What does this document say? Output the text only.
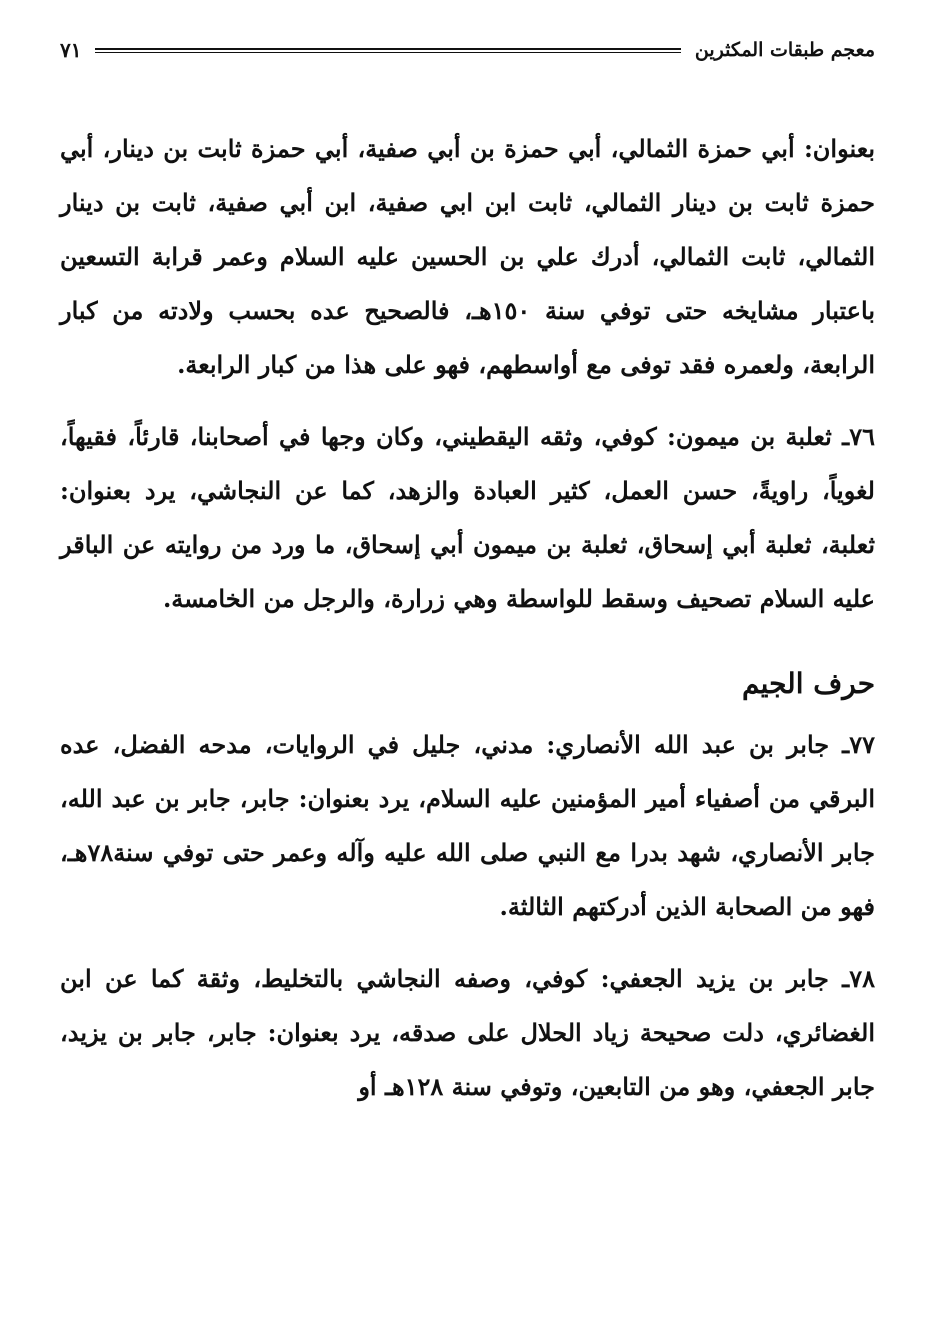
معجم طبقات المكثرين
٧١

بعنوان: أبي حمزة الثمالي، أبي حمزة بن أبي صفية، أبي حمزة ثابت بن دينار، أبي حمزة ثابت بن دينار الثمالي، ثابت ابن ابي صفية، ابن أبي صفية، ثابت بن دينار الثمالي، ثابت الثمالي، أدرك علي بن الحسين عليه السلام وعمر قرابة التسعين باعتبار مشايخه حتى توفي سنة ١٥٠هـ، فالصحيح عده بحسب ولادته من كبار الرابعة، ولعمره فقد توفى مع أواسطهم، فهو على هذا من كبار الرابعة.

٧٦ـ ثعلبة بن ميمون: كوفي، وثقه اليقطيني، وكان وجها في أصحابنا، قارئاً، فقيهاً، لغوياً، راويةً، حسن العمل، كثير العبادة والزهد، كما عن النجاشي، يرد بعنوان: ثعلبة، ثعلبة أبي إسحاق، ثعلبة بن ميمون أبي إسحاق، ما ورد من روايته عن الباقر عليه السلام تصحيف وسقط للواسطة وهي زرارة، والرجل من الخامسة.

حرف الجيم

٧٧ـ جابر بن عبد الله الأنصاري: مدني، جليل في الروايات، مدحه الفضل، عده البرقي من أصفياء أمير المؤمنين عليه السلام، يرد بعنوان: جابر، جابر بن عبد الله، جابر الأنصاري، شهد بدرا مع النبي صلى الله عليه وآله وعمر حتى توفي سنة٧٨هـ، فهو من الصحابة الذين أدركتهم الثالثة.

٧٨ـ جابر بن يزيد الجعفي: كوفي، وصفه النجاشي بالتخليط، وثقة كما عن ابن الغضائري، دلت صحيحة زياد الحلال على صدقه، يرد بعنوان: جابر، جابر بن يزيد، جابر الجعفي، وهو من التابعين، وتوفي سنة ١٢٨هـ أو
